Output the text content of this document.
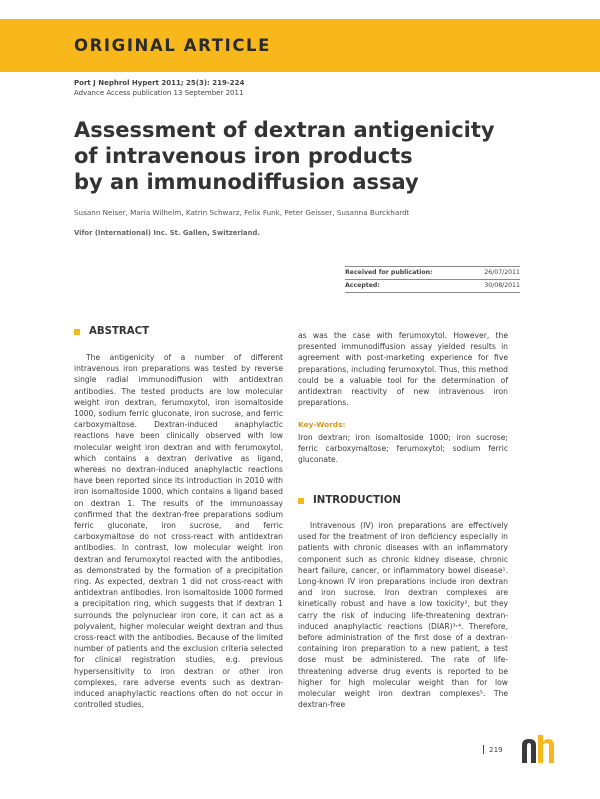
ORIGINAL ARTICLE
Port J Nephrol Hypert 2011; 25(3): 219-224
Advance Access publication 13 September 2011
Assessment of dextran antigenicity
of intravenous iron products
by an immunodiffusion assay
Susann Neiser, Maria Wilhelm, Katrin Schwarz, Felix Funk, Peter Geisser, Susanna Burckhardt
Vifor (International) Inc. St. Gallen, Switzerland.
Received for publication:	26/07/2011
Accepted:	30/08/2011
ABSTRACT

The antigenicity of a number of different intravenous iron preparations was tested by reverse single radial immunodiffusion with antidextran antibodies. The tested products are low molecular weight iron dextran, ferumoxytol, iron isomaltoside 1000, sodium ferric gluconate, iron sucrose, and ferric carboxymaltose. Dextran-induced anaphylactic reactions have been clinically observed with low molecular weight iron dextran and with ferumoxytol, which contains a dextran derivative as ligand, whereas no dextran-induced anaphylactic reactions have been reported since its introduction in 2010 with iron isomaltoside 1000, which contains a ligand based on dextran 1. The results of the immunoassay confirmed that the dextran-free preparations sodium ferric gluconate, iron sucrose, and ferric carboxymaltose do not cross-react with antidextran antibodies. In contrast, low molecular weight iron dextran and ferumoxytol reacted with the antibodies, as demonstrated by the formation of a precipitation ring. As expected, dextran 1 did not cross-react with antidextran antibodies. Iron isomaltoside 1000 formed a precipitation ring, which suggests that if dextran 1 surrounds the polynuclear iron core, it can act as a polyvalent, higher molecular weight dextran and thus cross-react with the antibodies. Because of the limited number of patients and the exclusion criteria selected for clinical registration studies, e.g. previous hypersensitivity to iron dextran or other iron complexes, rare adverse events such as dextran-induced anaphylactic reactions often do not occur in controlled studies,

as was the case with ferumoxytol. However, the presented immunodiffusion assay yielded results in agreement with post-marketing experience for five preparations, including ferumoxytol. Thus, this method could be a valuable tool for the determination of antidextran reactivity of new intravenous iron preparations.

Key-Words:
Iron dextran; iron isomaltoside 1000; iron sucrose; ferric carboxymaltose; ferumoxytol; sodium ferric gluconate.
INTRODUCTION

Intravenous (IV) iron preparations are effectively used for the treatment of iron deficiency especially in patients with chronic diseases with an inflammatory component such as chronic kidney disease, chronic heart failure, cancer, or inflammatory bowel disease¹. Long-known IV iron preparations include iron dextran and iron sucrose. Iron dextran complexes are kinetically robust and have a low toxicity², but they carry the risk of inducing life-threatening dextran-induced anaphylactic reactions (DIAR)³˒⁴. Therefore, before administration of the first dose of a dextran-containing iron preparation to a new patient, a test dose must be administered. The rate of life-threatening adverse drug events is reported to be higher for high molecular weight than for low molecular weight iron dextran complexes⁵. The dextran-free

219
